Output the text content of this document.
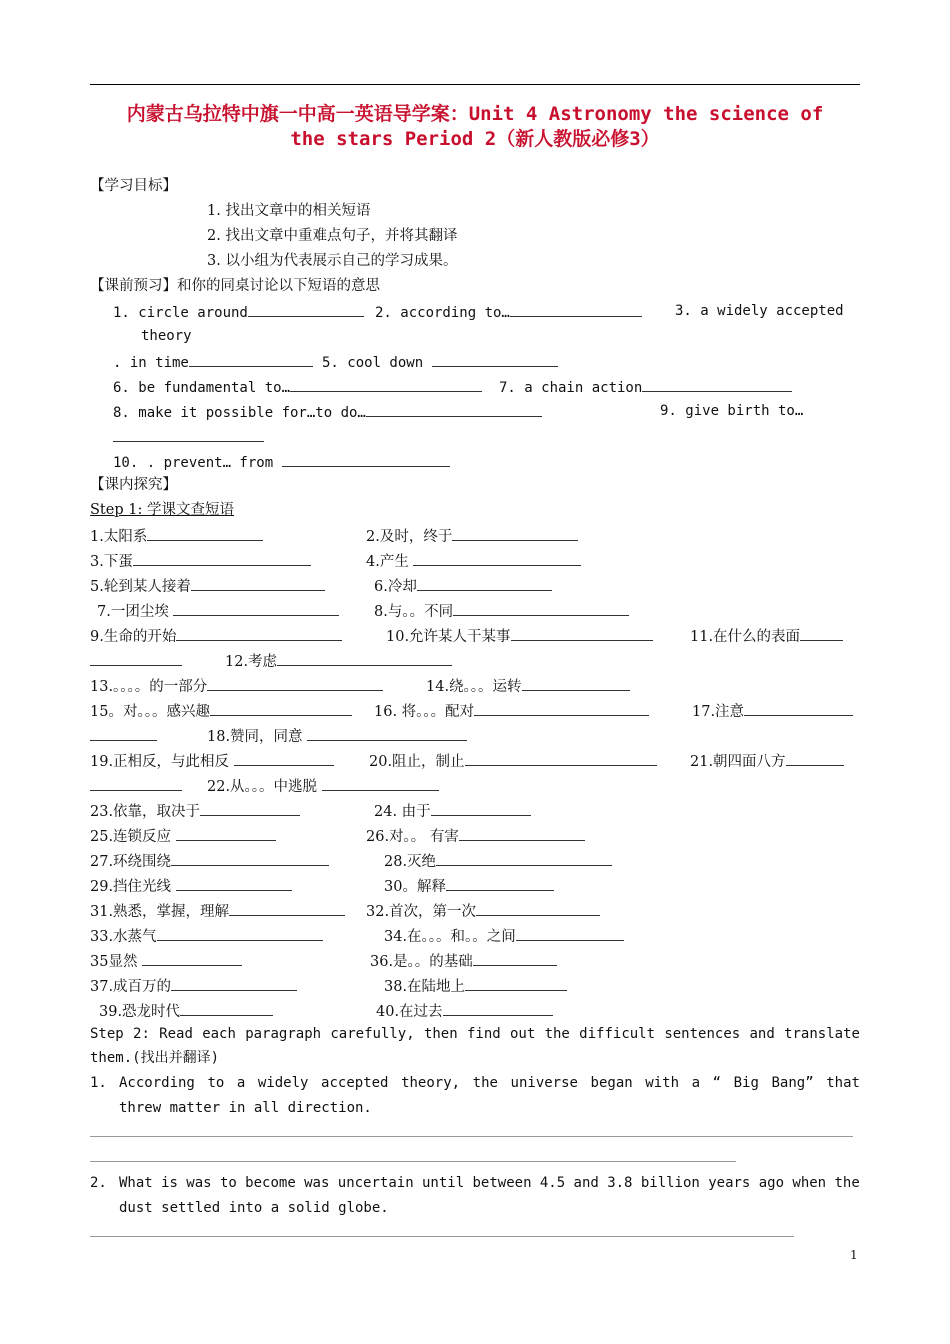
内蒙古乌拉特中旗一中高一英语导学案：Unit 4 Astronomy the science of
the stars Period 2（新人教版必修3）
【学习目标】
1. 找出文章中的相关短语
2. 找出文章中重难点句子，并将其翻译
3. 以小组为代表展示自己的学习成果。
【课前预习】和你的同桌讨论以下短语的意思
1. circle around	2. according to…	3. a widely accepted
theory
. in time	5. cool down
6. be fundamental to…	7. a chain action
8. make it possible for…to do…	9. give birth to…
10. . prevent… from
【课内探究】
Step 1: 学课文查短语
1.太阳系	2.及时，终于
3.下蛋	4.产生
5.轮到某人接着	6.冷却
7.一团尘埃	8.与。。不同
9.生命的开始	10.允许某人干某事	11.在什么的表面
12.考虑
13.。。。。的一部分	14.绕。。。运转
15。对。。。感兴趣	16. 将。。。配对	17.注意
18.赞同，同意
19.正相反，与此相反	20.阻止，制止	21.朝四面八方
22.从。。。中逃脱
23.依靠，取决于	24. 由于
25.连锁反应	26.对。。 有害
27.环绕围绕	28.灭绝
29.挡住光线	30。解释
31.熟悉，掌握，理解	32.首次，第一次
33.水蒸气	34.在。。。和。。之间
35显然	36.是。。的基础
37.成百万的	38.在陆地上
39.恐龙时代	40.在过去
Step 2: Read each paragraph carefully, then find out the difficult sentences and translate
them.(找出并翻译)
1. According to a widely accepted theory, the universe began with a “ Big Bang” that
threw matter in all direction.
2. What is was to become was uncertain until between 4.5 and 3.8 billion years ago when the
dust settled into a solid globe.
1
